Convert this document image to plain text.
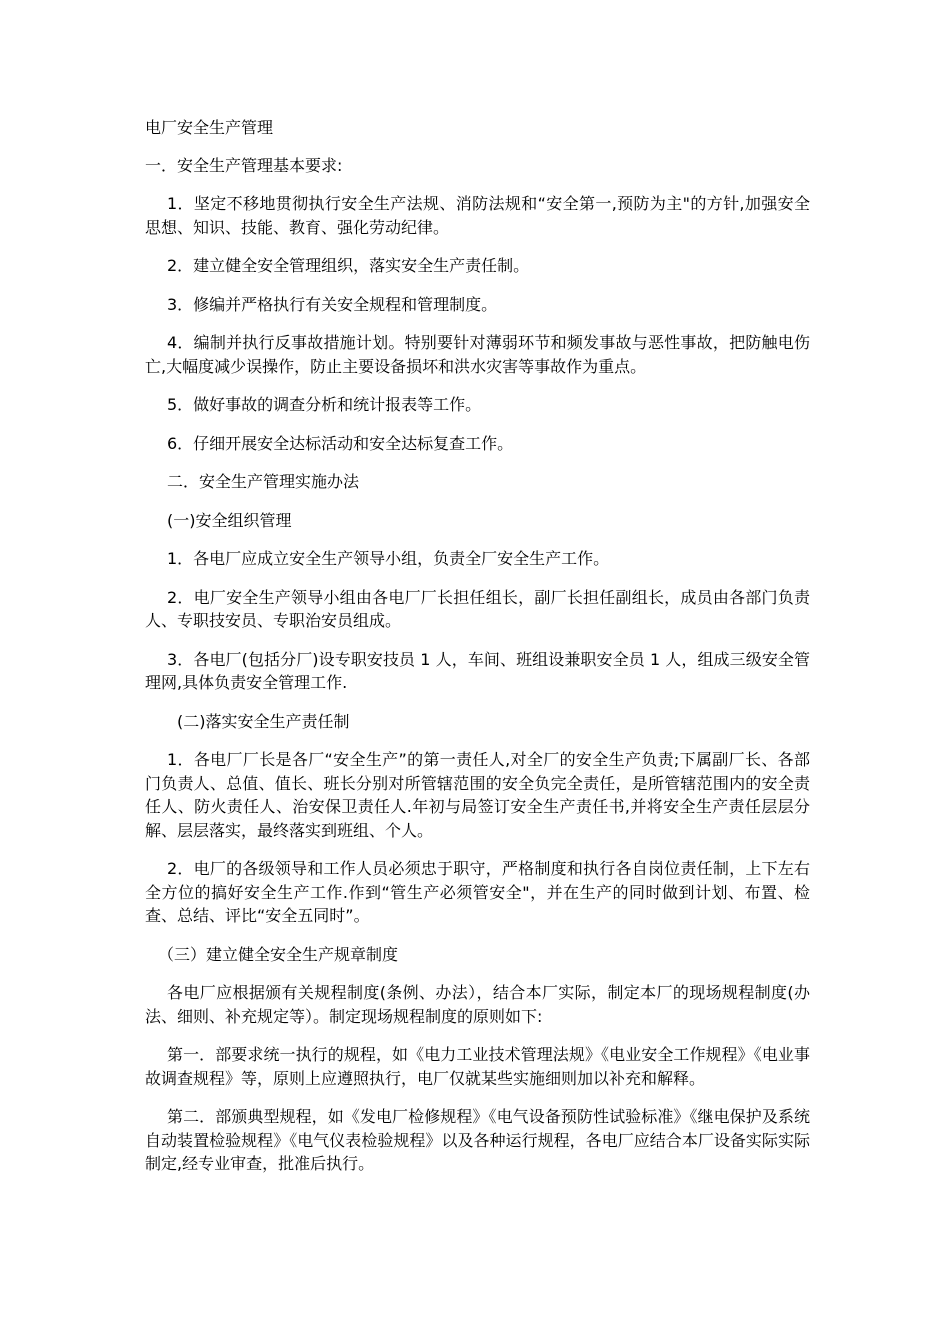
电厂安全生产管理

一．安全生产管理基本要求:

1．坚定不移地贯彻执行安全生产法规、消防法规和“安全第一,预防为主"的方针,加强安全思想、知识、技能、教育、强化劳动纪律。

2．建立健全安全管理组织，落实安全生产责任制。

3．修编并严格执行有关安全规程和管理制度。

4．编制并执行反事故措施计划。特别要针对薄弱环节和频发事故与恶性事故，把防触电伤亡,大幅度减少误操作，防止主要设备损坏和洪水灾害等事故作为重点。

5．做好事故的调查分析和统计报表等工作。

6．仔细开展安全达标活动和安全达标复查工作。

二．安全生产管理实施办法

(一)安全组织管理

1．各电厂应成立安全生产领导小组，负责全厂安全生产工作。

2．电厂安全生产领导小组由各电厂厂长担任组长，副厂长担任副组长，成员由各部门负责人、专职技安员、专职治安员组成。

3．各电厂(包括分厂)设专职安技员 1 人，车间、班组设兼职安全员 1 人，组成三级安全管理网,具体负责安全管理工作.

(二)落实安全生产责任制

1．各电厂厂长是各厂“安全生产”的第一责任人,对全厂的安全生产负责;下属副厂长、各部门负责人、总值、值长、班长分别对所管辖范围的安全负完全责任，是所管辖范围内的安全责任人、防火责任人、治安保卫责任人.年初与局签订安全生产责任书,并将安全生产责任层层分解、层层落实，最终落实到班组、个人。

2．电厂的各级领导和工作人员必须忠于职守，严格制度和执行各自岗位责任制，上下左右全方位的搞好安全生产工作.作到“管生产必须管安全"，并在生产的同时做到计划、布置、检查、总结、评比“安全五同时”。

（三）建立健全安全生产规章制度

各电厂应根据颁有关规程制度(条例、办法），结合本厂实际，制定本厂的现场规程制度(办法、细则、补充规定等）。制定现场规程制度的原则如下:

第一．部要求统一执行的规程，如《电力工业技术管理法规》《电业安全工作规程》《电业事故调查规程》等，原则上应遵照执行，电厂仅就某些实施细则加以补充和解释。

第二．部颁典型规程，如《发电厂检修规程》《电气设备预防性试验标准》《继电保护及系统自动装置检验规程》《电气仪表检验规程》以及各种运行规程，各电厂应结合本厂设备实际实际制定,经专业审查，批准后执行。
